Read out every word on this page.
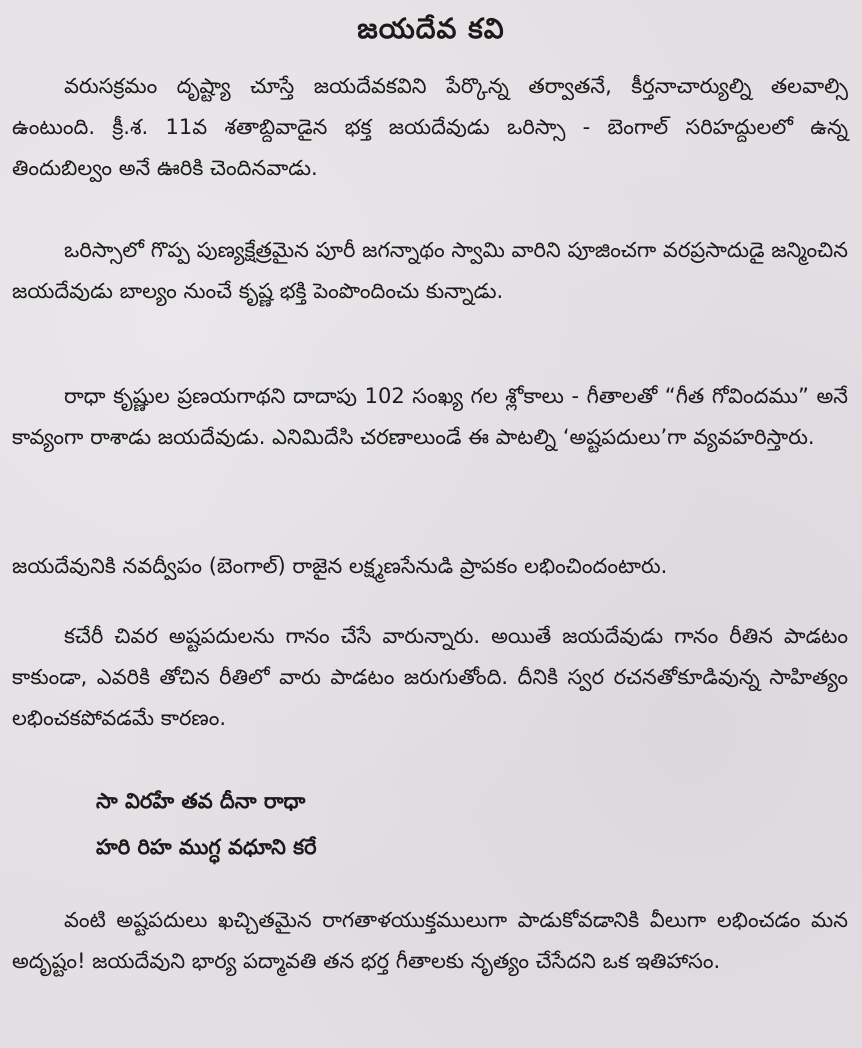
జయదేవ కవి

వరుసక్రమం దృష్ట్యా చూస్తే జయదేవకవిని పేర్కొన్న తర్వాతనే, కీర్తనాచార్యుల్ని తలవాల్సి ఉంటుంది. క్రీ.శ. 11వ శతాబ్దివాడైన భక్త జయదేవుడు ఒరిస్సా - బెంగాల్ సరిహద్దులలో ఉన్న తిందుబిల్వం అనే ఊరికి చెందినవాడు.

ఒరిస్సాలో గొప్ప పుణ్యక్షేత్రమైన పూరీ జగన్నాథం స్వామి వారిని పూజించగా వరప్రసాదుడై జన్మించిన జయదేవుడు బాల్యం నుంచే కృష్ణ భక్తి పెంపొందించు కున్నాడు.

రాధా కృష్ణుల ప్రణయగాథని దాదాపు 102 సంఖ్య గల శ్లోకాలు - గీతాలతో “గీత గోవిందము” అనే కావ్యంగా రాశాడు జయదేవుడు. ఎనిమిదేసి చరణాలుండే ఈ పాటల్ని ‘అష్టపదులు’గా వ్యవహరిస్తారు.

జయదేవునికి నవద్వీపం (బెంగాల్) రాజైన లక్ష్మణసేనుడి ప్రాపకం లభించిందంటారు.

కచేరీ చివర అష్టపదులను గానం చేసే వారున్నారు. అయితే జయదేవుడు గానం రీతిన పాడటం కాకుండా, ఎవరికి తోచిన రీతిలో వారు పాడటం జరుగుతోంది. దీనికి స్వర రచనతోకూడివున్న సాహిత్యం లభించకపోవడమే కారణం.

సా విరహే తవ దీనా రాధా
హరి రిహ ముగ్ధ వధూని కరే

వంటి అష్టపదులు ఖచ్చితమైన రాగతాళయుక్తములుగా పాడుకోవడానికి వీలుగా లభించడం మన అదృష్టం! జయదేవుని భార్య పద్మావతి తన భర్త గీతాలకు నృత్యం చేసేదని ఒక ఇతిహాసం.
